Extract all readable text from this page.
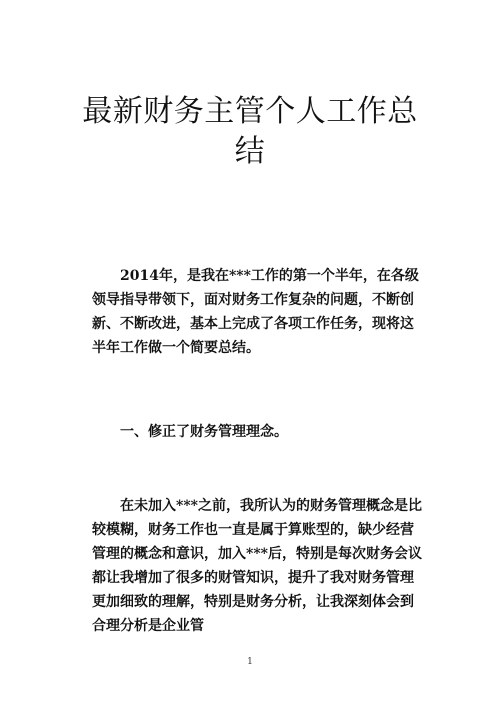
最新财务主管个人工作总结

2014年，是我在***工作的第一个半年，在各级领导指导带领下，面对财务工作复杂的问题，不断创新、不断改进，基本上完成了各项工作任务，现将这半年工作做一个简要总结。

一、修正了财务管理理念。

在未加入***之前，我所认为的财务管理概念是比较模糊，财务工作也一直是属于算账型的，缺少经营管理的概念和意识，加入***后，特别是每次财务会议都让我增加了很多的财管知识，提升了我对财务管理更加细致的理解，特别是财务分析，让我深刻体会到合理分析是企业管

1
